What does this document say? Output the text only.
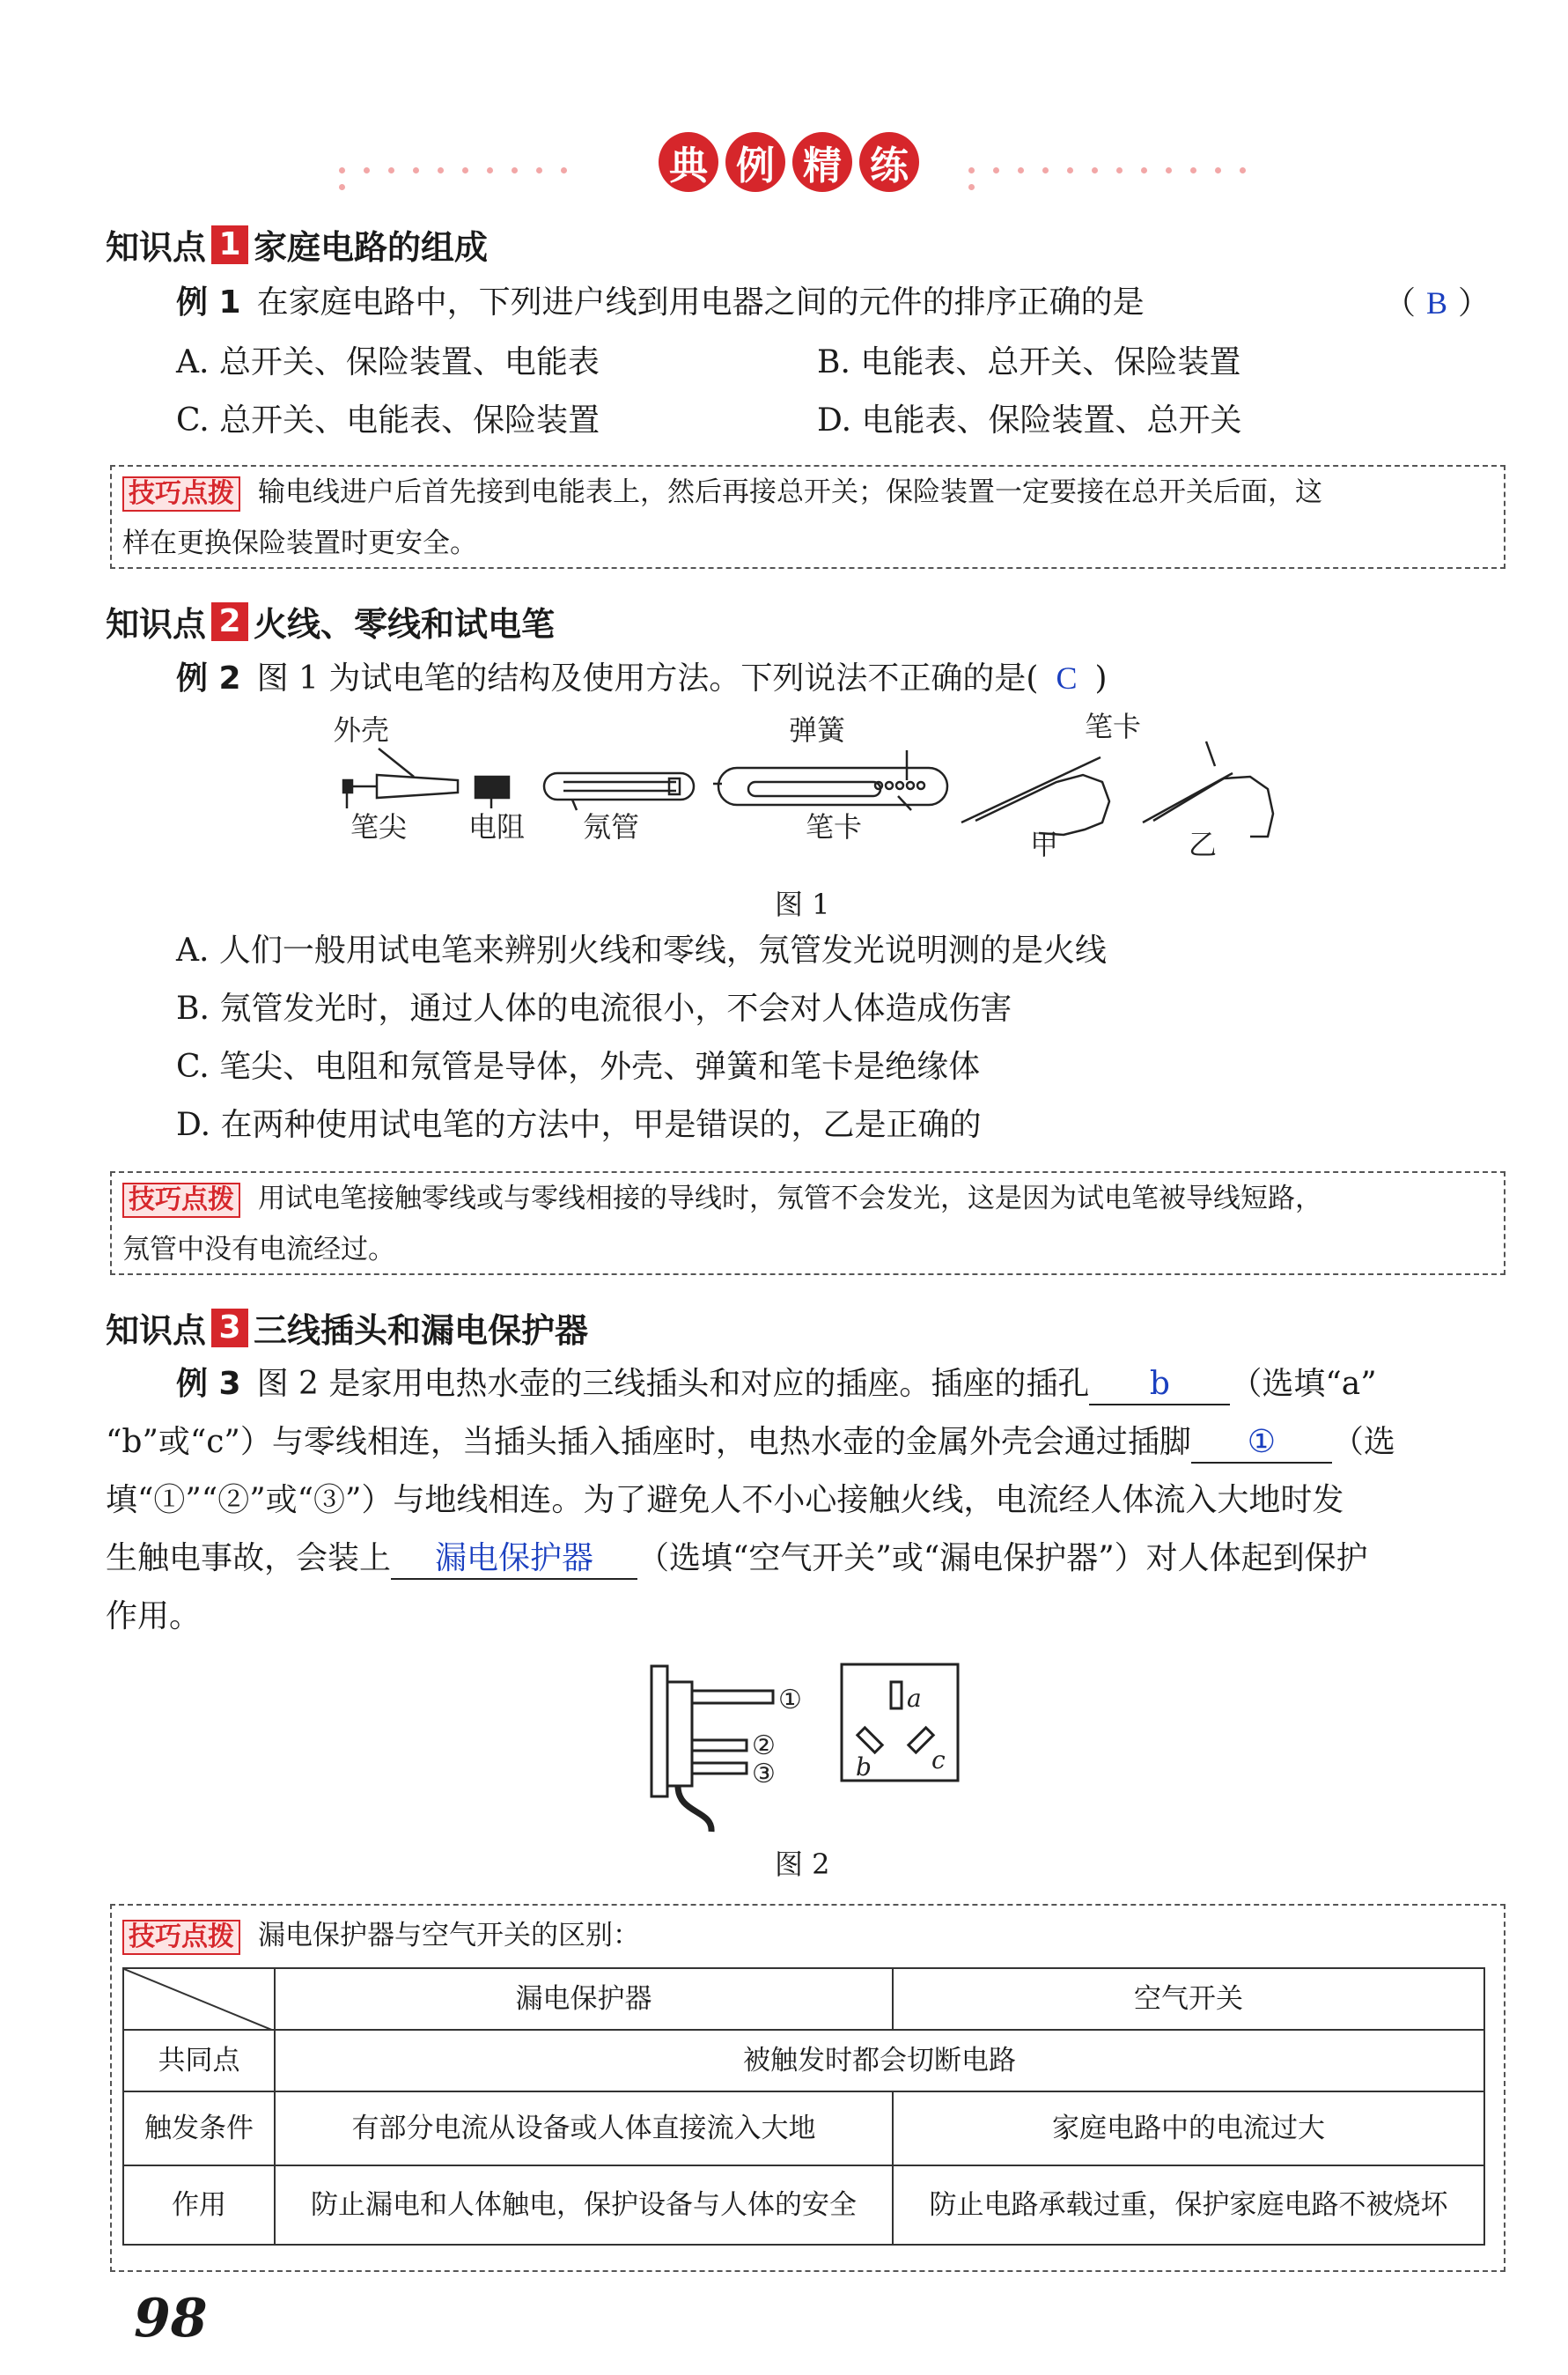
典 例 精 练
知识点 1 家庭电路的组成
例 1 在家庭电路中，下列进户线到用电器之间的元件的排序正确的是	（ B ）
A. 总开关、保险装置、电能表	B. 电能表、总开关、保险装置
C. 总开关、电能表、保险装置	D. 电能表、保险装置、总开关
技巧点拨 输电线进户后首先接到电能表上，然后再接总开关；保险装置一定要接在总开关后面，这
样在更换保险装置时更安全。
知识点 2 火线、零线和试电笔
例 2 图 1 为试电笔的结构及使用方法。下列说法不正确的是( C )
外壳
笔尖 电阻 氖管
弹簧
笔卡
笔卡
甲	乙
图 1
A. 人们一般用试电笔来辨别火线和零线，氖管发光说明测的是火线
B. 氖管发光时，通过人体的电流很小，不会对人体造成伤害
C. 笔尖、电阻和氖管是导体，外壳、弹簧和笔卡是绝缘体
D. 在两种使用试电笔的方法中，甲是错误的，乙是正确的
技巧点拨 用试电笔接触零线或与零线相接的导线时，氖管不会发光，这是因为试电笔被导线短路，
氖管中没有电流经过。
知识点 3 三线插头和漏电保护器
例 3 图 2 是家用电热水壶的三线插头和对应的插座。插座的插孔 b （选填“a”
“b”或“c”）与零线相连，当插头插入插座时，电热水壶的金属外壳会通过插脚 ① （选
填“①”“②”或“③”）与地线相连。为了避免人不小心接触火线，电流经人体流入大地时发
生触电事故，会装上 漏电保护器 （选填“空气开关”或“漏电保护器”）对人体起到保护
作用。
①
②
③
a
b c
图 2
技巧点拨 漏电保护器与空气开关的区别：
	漏电保护器	空气开关
共同点	被触发时都会切断电路	
触发条件	有部分电流从设备或人体直接流入大地	家庭电路中的电流过大
作用	防止漏电和人体触电，保护设备与人体的安全	防止电路承载过重，保护家庭电路不被烧坏
98
